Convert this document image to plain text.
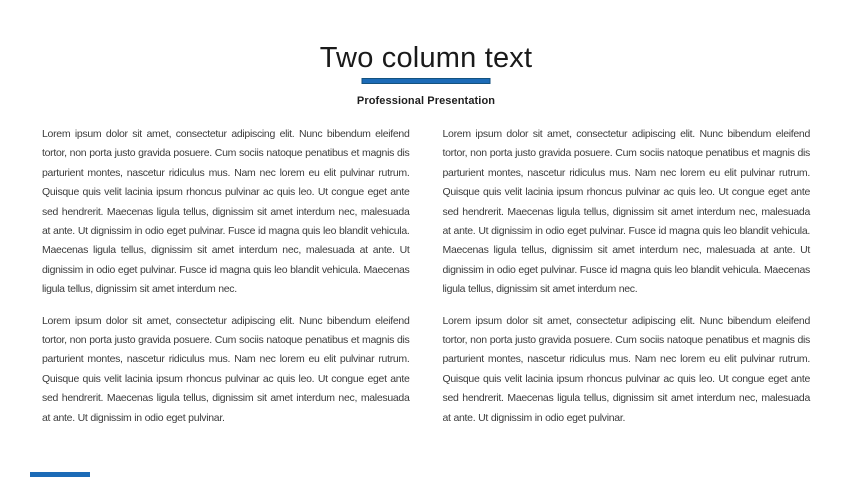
Two column text
Professional Presentation

Lorem ipsum dolor sit amet, consectetur adipiscing elit. Nunc bibendum eleifend tortor, non porta justo gravida posuere. Cum sociis natoque penatibus et magnis dis parturient montes, nascetur ridiculus mus. Nam nec lorem eu elit pulvinar rutrum. Quisque quis velit lacinia ipsum rhoncus pulvinar ac quis leo. Ut congue eget ante sed hendrerit. Maecenas ligula tellus, dignissim sit amet interdum nec, malesuada at ante. Ut dignissim in odio eget pulvinar. Fusce id magna quis leo blandit vehicula. Maecenas ligula tellus, dignissim sit amet interdum nec, malesuada at ante. Ut dignissim in odio eget pulvinar. Fusce id magna quis leo blandit vehicula. Maecenas ligula tellus, dignissim sit amet interdum nec.

Lorem ipsum dolor sit amet, consectetur adipiscing elit. Nunc bibendum eleifend tortor, non porta justo gravida posuere. Cum sociis natoque penatibus et magnis dis parturient montes, nascetur ridiculus mus. Nam nec lorem eu elit pulvinar rutrum. Quisque quis velit lacinia ipsum rhoncus pulvinar ac quis leo. Ut congue eget ante sed hendrerit. Maecenas ligula tellus, dignissim sit amet interdum nec, malesuada at ante. Ut dignissim in odio eget pulvinar.

Lorem ipsum dolor sit amet, consectetur adipiscing elit. Nunc bibendum eleifend tortor, non porta justo gravida posuere. Cum sociis natoque penatibus et magnis dis parturient montes, nascetur ridiculus mus. Nam nec lorem eu elit pulvinar rutrum. Quisque quis velit lacinia ipsum rhoncus pulvinar ac quis leo. Ut congue eget ante sed hendrerit. Maecenas ligula tellus, dignissim sit amet interdum nec, malesuada at ante. Ut dignissim in odio eget pulvinar. Fusce id magna quis leo blandit vehicula. Maecenas ligula tellus, dignissim sit amet interdum nec, malesuada at ante. Ut dignissim in odio eget pulvinar. Fusce id magna quis leo blandit vehicula. Maecenas ligula tellus, dignissim sit amet interdum nec.

Lorem ipsum dolor sit amet, consectetur adipiscing elit. Nunc bibendum eleifend tortor, non porta justo gravida posuere. Cum sociis natoque penatibus et magnis dis parturient montes, nascetur ridiculus mus. Nam nec lorem eu elit pulvinar rutrum. Quisque quis velit lacinia ipsum rhoncus pulvinar ac quis leo. Ut congue eget ante sed hendrerit. Maecenas ligula tellus, dignissim sit amet interdum nec, malesuada at ante. Ut dignissim in odio eget pulvinar.
